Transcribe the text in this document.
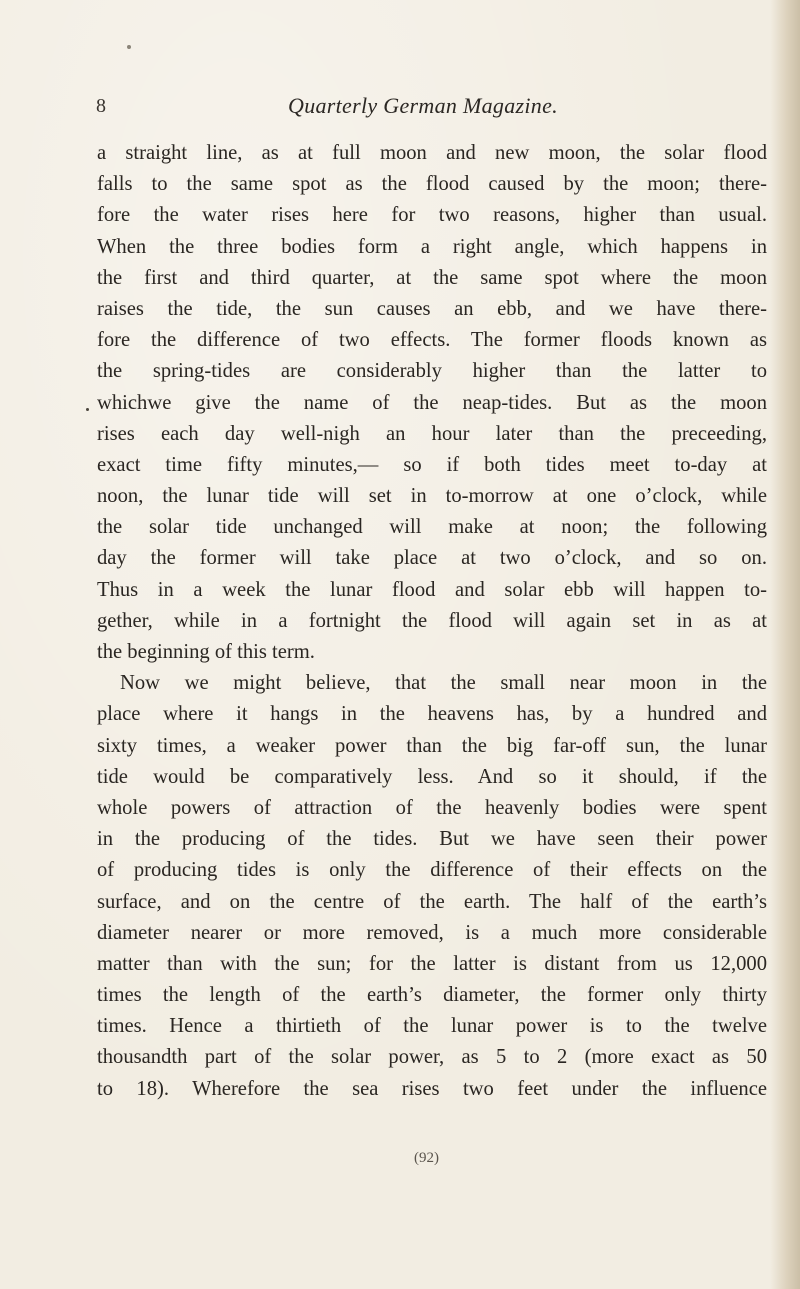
8	Quarterly German Magazine.
a straight line, as at full moon and new moon, the solar flood
falls to the same spot as the flood caused by the moon; there-
fore the water rises here for two reasons, higher than usual.
When the three bodies form a right angle, which happens in
the first and third quarter, at the same spot where the moon
raises the tide, the sun causes an ebb, and we have there-
fore the difference of two effects. The former floods known as
the spring-tides are considerably higher than the latter to
whichwe give the name of the neap-tides. But as the moon
rises each day well-nigh an hour later than the preceeding,
exact time fifty minutes,— so if both tides meet to-day at
noon, the lunar tide will set in to-morrow at one o’clock, while
the solar tide unchanged will make at noon; the following
day the former will take place at two o’clock, and so on.
Thus in a week the lunar flood and solar ebb will happen to-
gether, while in a fortnight the flood will again set in as at
the beginning of this term.
Now we might believe, that the small near moon in the
place where it hangs in the heavens has, by a hundred and
sixty times, a weaker power than the big far-off sun, the lunar
tide would be comparatively less. And so it should, if the
whole powers of attraction of the heavenly bodies were spent
in the producing of the tides. But we have seen their power
of producing tides is only the difference of their effects on the
surface, and on the centre of the earth. The half of the earth’s
diameter nearer or more removed, is a much more considerable
matter than with the sun; for the latter is distant from us 12,000
times the length of the earth’s diameter, the former only thirty
times. Hence a thirtieth of the lunar power is to the twelve
thousandth part of the solar power, as 5 to 2 (more exact as 50
to 18). Wherefore the sea rises two feet under the influence
(92)
